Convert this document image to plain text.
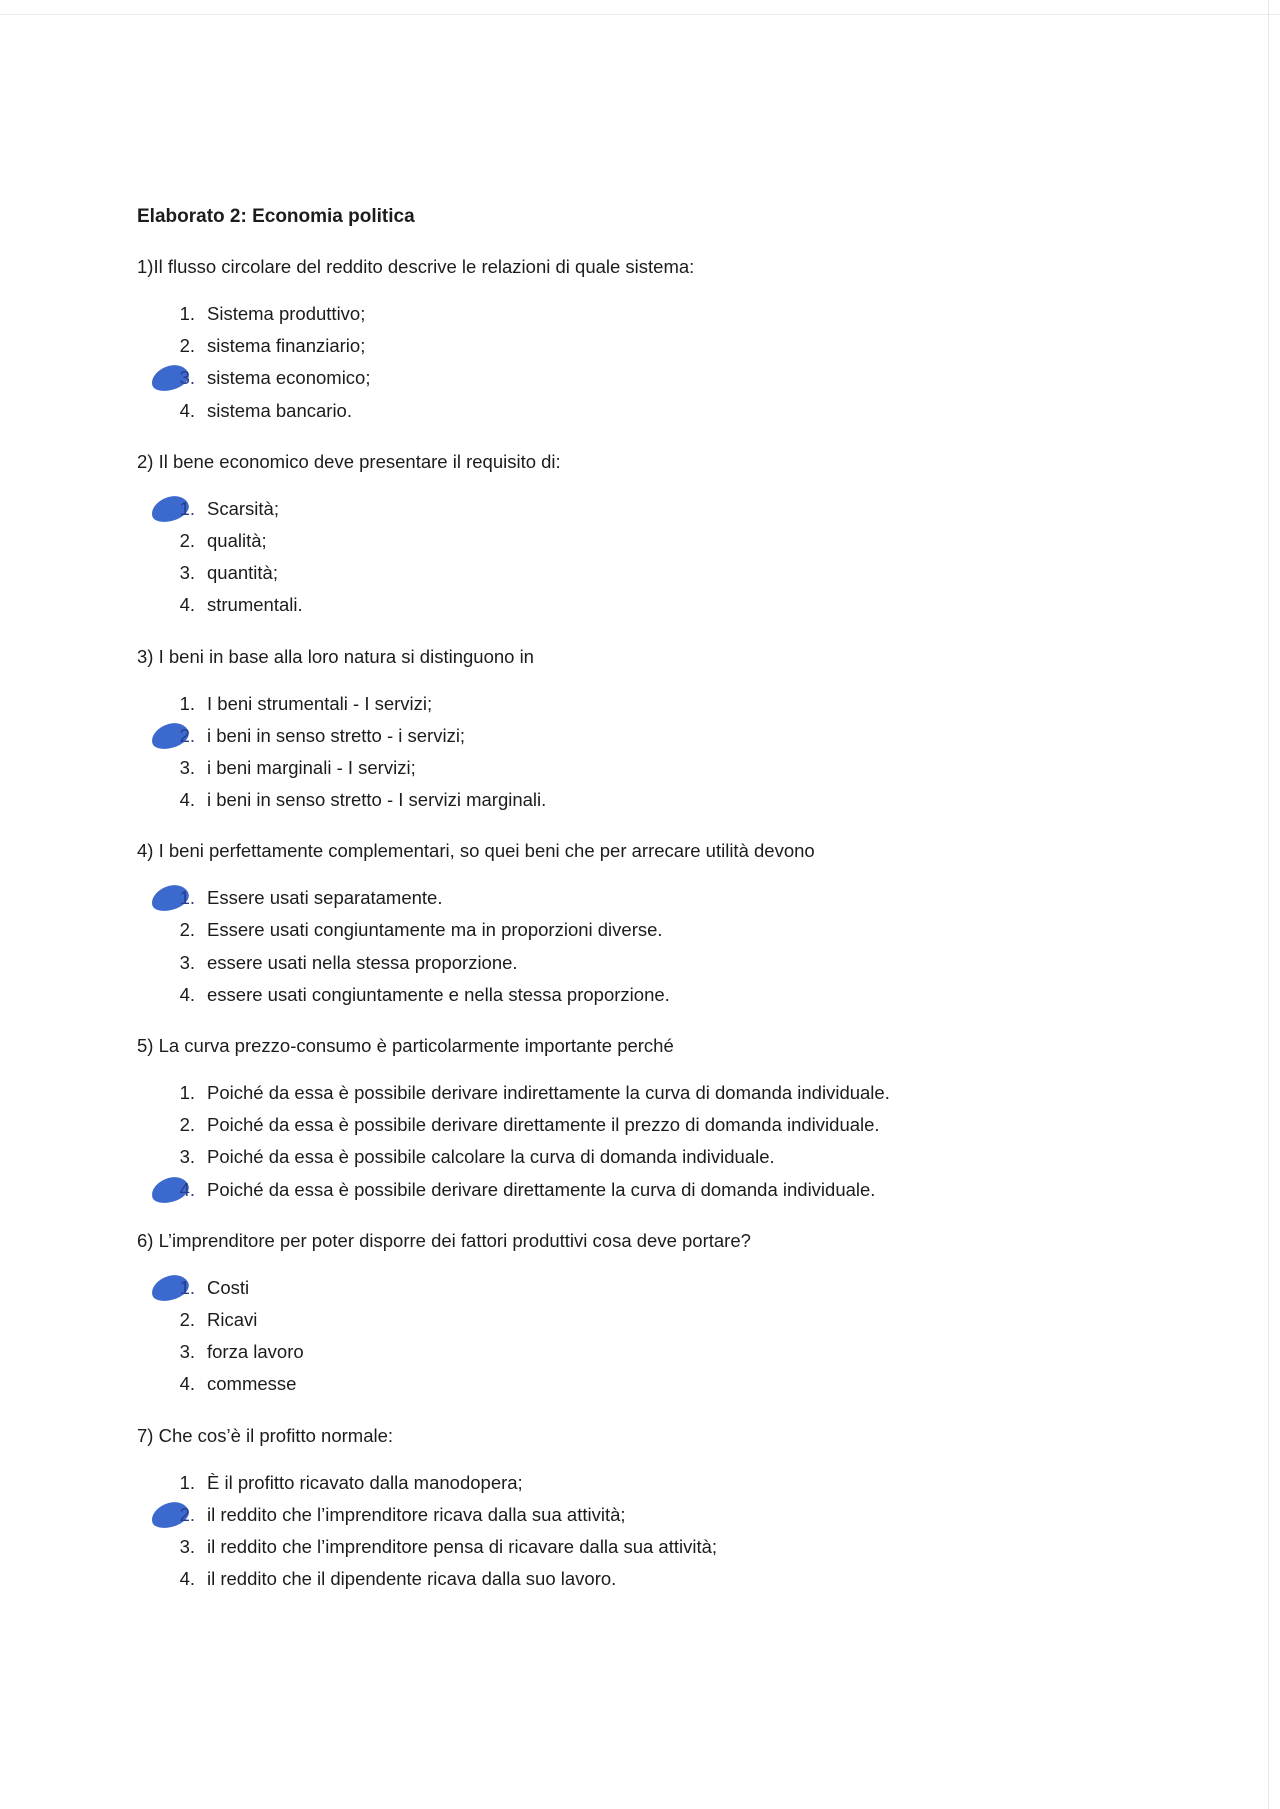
Elaborato 2: Economia politica
1)Il flusso circolare del reddito descrive le relazioni di quale sistema:
1. Sistema produttivo;
2. sistema finanziario;
3. sistema economico;
4. sistema bancario.
2) Il bene economico deve presentare il requisito di:
1. Scarsità;
2. qualità;
3. quantità;
4. strumentali.
3) I beni in base alla loro natura si distinguono in
1. I beni strumentali - I servizi;
2. i beni in senso stretto - i servizi;
3. i beni marginali - I servizi;
4. i beni in senso stretto - I servizi marginali.
4) I beni perfettamente complementari, so quei beni che per arrecare utilità devono
1. Essere usati separatamente.
2. Essere usati congiuntamente ma in proporzioni diverse.
3. essere usati nella stessa proporzione.
4. essere usati congiuntamente e nella stessa proporzione.
5) La curva prezzo-consumo è particolarmente importante perché
1. Poiché da essa è possibile derivare indirettamente la curva di domanda individuale.
2. Poiché da essa è possibile derivare direttamente il prezzo di domanda individuale.
3. Poiché da essa è possibile calcolare la curva di domanda individuale.
4. Poiché da essa è possibile derivare direttamente la curva di domanda individuale.
6) L’imprenditore per poter disporre dei fattori produttivi cosa deve portare?
1. Costi
2. Ricavi
3. forza lavoro
4. commesse
7) Che cos’è il profitto normale:
1. È il profitto ricavato dalla manodopera;
2. il reddito che l’imprenditore ricava dalla sua attività;
3. il reddito che l’imprenditore pensa di ricavare dalla sua attività;
4. il reddito che il dipendente ricava dalla suo lavoro.
